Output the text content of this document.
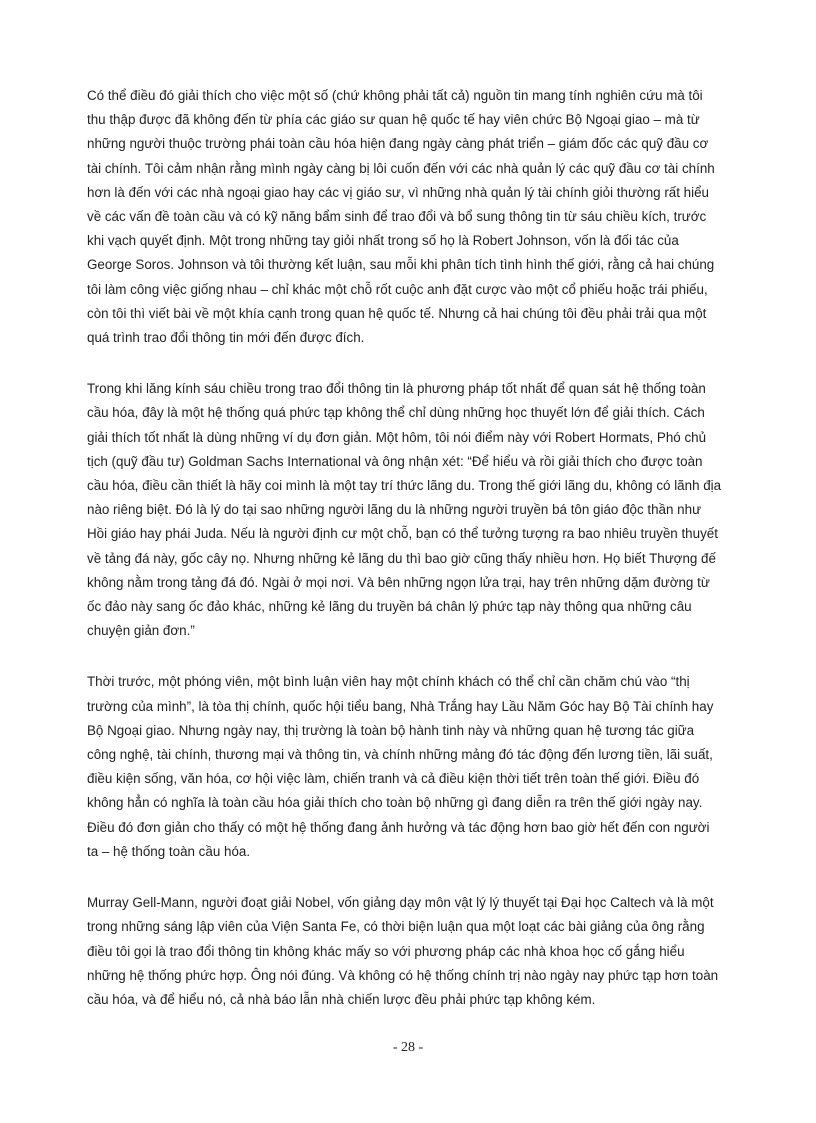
Có thể điều đó giải thích cho việc một số (chứ không phải tất cả) nguồn tin mang tính nghiên cứu mà tôi
thu thập được đã không đến từ phía các giáo sư quan hệ quốc tế hay viên chức Bộ Ngoại giao – mà từ
những người thuộc trường phái toàn cầu hóa hiện đang ngày càng phát triển – giám đốc các quỹ đầu cơ
tài chính. Tôi cảm nhận rằng mình ngày càng bị lôi cuốn đến với các nhà quản lý các quỹ đầu cơ tài chính
hơn là đến với các nhà ngoại giao hay các vị giáo sư, vì những nhà quản lý tài chính giỏi thường rất hiểu
về các vấn đề toàn cầu và có kỹ năng bẩm sinh để trao đổi và bổ sung thông tin từ sáu chiều kích, trước
khi vạch quyết định. Một trong những tay giỏi nhất trong số họ là Robert Johnson, vốn là đối tác của
George Soros. Johnson và tôi thường kết luận, sau mỗi khi phân tích tình hình thế giới, rằng cả hai chúng
tôi làm công việc giống nhau – chỉ khác một chỗ rốt cuộc anh đặt cược vào một cổ phiếu hoặc trái phiếu,
còn tôi thì viết bài về một khía cạnh trong quan hệ quốc tế. Nhưng cả hai chúng tôi đều phải trải qua một
quá trình trao đổi thông tin mới đến được đích.

Trong khi lăng kính sáu chiều trong trao đổi thông tin là phương pháp tốt nhất để quan sát hệ thống toàn
cầu hóa, đây là một hệ thống quá phức tạp không thể chỉ dùng những học thuyết lớn để giải thích. Cách
giải thích tốt nhất là dùng những ví dụ đơn giản. Một hôm, tôi nói điểm này với Robert Hormats, Phó chủ
tịch (quỹ đầu tư) Goldman Sachs International và ông nhận xét: “Để hiểu và rồi giải thích cho được toàn
cầu hóa, điều cần thiết là hãy coi mình là một tay trí thức lãng du. Trong thế giới lãng du, không có lãnh địa
nào riêng biệt. Đó là lý do tại sao những người lãng du là những người truyền bá tôn giáo độc thần như
Hồi giáo hay phái Juda. Nếu là người định cư một chỗ, bạn có thể tưởng tượng ra bao nhiêu truyền thuyết
về tảng đá này, gốc cây nọ. Nhưng những kẻ lãng du thì bao giờ cũng thấy nhiều hơn. Họ biết Thượng đế
không nằm trong tảng đá đó. Ngài ở mọi nơi. Và bên những ngọn lửa trại, hay trên những dặm đường từ
ốc đảo này sang ốc đảo khác, những kẻ lãng du truyền bá chân lý phức tạp này thông qua những câu
chuyện giản đơn.”

Thời trước, một phóng viên, một bình luận viên hay một chính khách có thể chỉ cần chăm chú vào “thị
trường của mình”, là tòa thị chính, quốc hội tiểu bang, Nhà Trắng hay Lầu Năm Góc hay Bộ Tài chính hay
Bộ Ngoại giao. Nhưng ngày nay, thị trường là toàn bộ hành tinh này và những quan hệ tương tác giữa
công nghệ, tài chính, thương mại và thông tin, và chính những mảng đó tác động đến lương tiền, lãi suất,
điều kiện sống, văn hóa, cơ hội việc làm, chiến tranh và cả điều kiện thời tiết trên toàn thế giới. Điều đó
không hẳn có nghĩa là toàn cầu hóa giải thích cho toàn bộ những gì đang diễn ra trên thế giới ngày nay.
Điều đó đơn giản cho thấy có một hệ thống đang ảnh hưởng và tác động hơn bao giờ hết đến con người
ta – hệ thống toàn cầu hóa.

Murray Gell-Mann, người đoạt giải Nobel, vốn giảng dạy môn vật lý lý thuyết tại Đại học Caltech và là một
trong những sáng lập viên của Viện Santa Fe, có thời biện luận qua một loạt các bài giảng của ông rằng
điều tôi gọi là trao đổi thông tin không khác mấy so với phương pháp các nhà khoa học cố gắng hiểu
những hệ thống phức hợp. Ông nói đúng. Và không có hệ thống chính trị nào ngày nay phức tạp hơn toàn
cầu hóa, và để hiểu nó, cả nhà báo lẫn nhà chiến lược đều phải phức tạp không kém.

- 28 -
